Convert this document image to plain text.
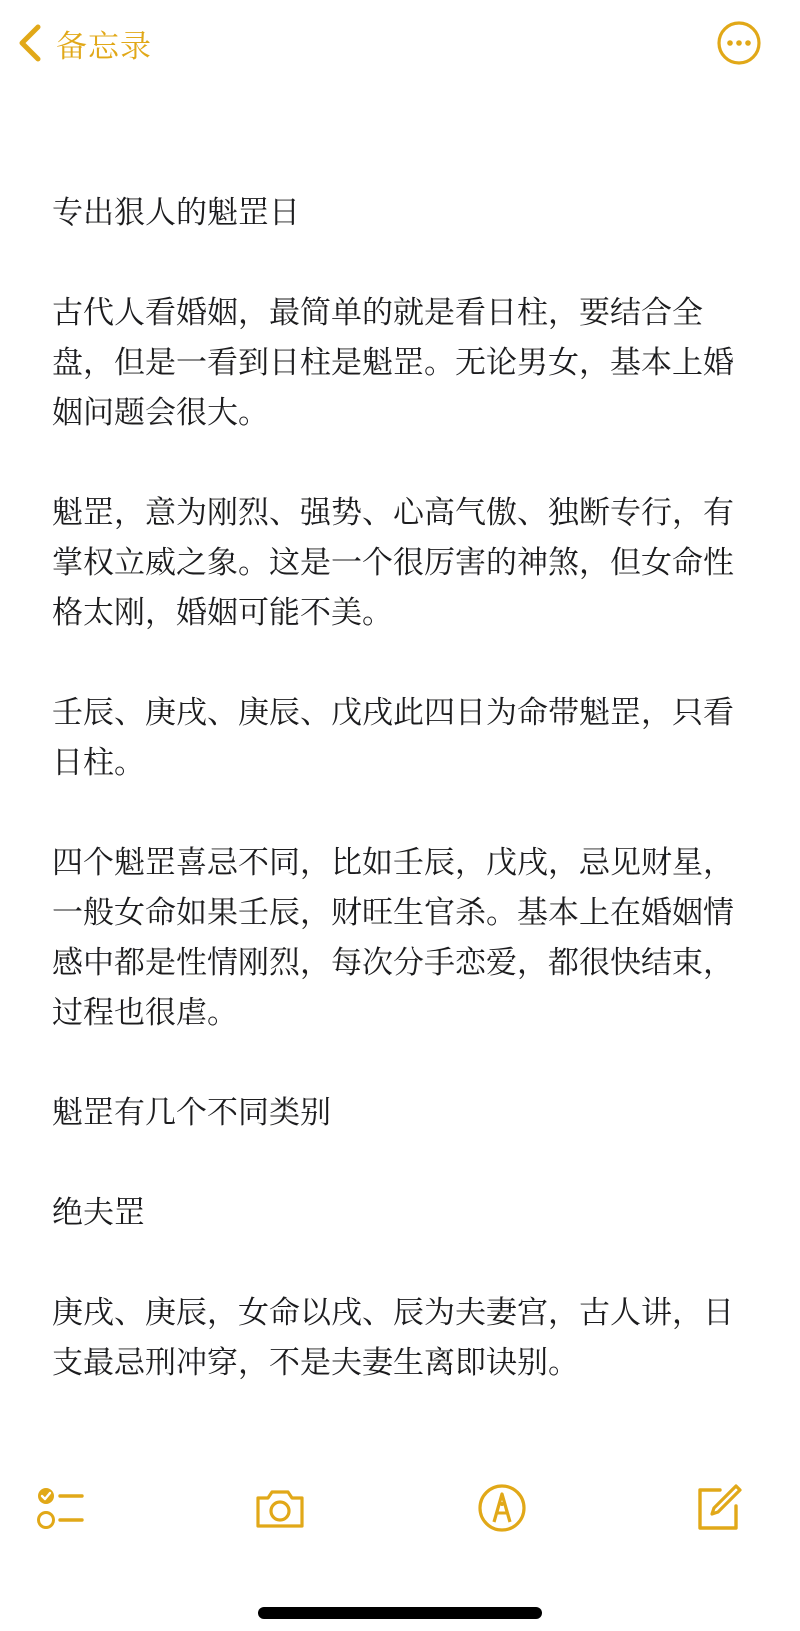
备忘录

专出狠人的魁罡日

古代人看婚姻，最简单的就是看日柱，要结合全盘，但是一看到日柱是魁罡。无论男女，基本上婚姻问题会很大。

魁罡，意为刚烈、强势、心高气傲、独断专行，有掌权立威之象。这是一个很厉害的神煞，但女命性格太刚，婚姻可能不美。

壬辰、庚戌、庚辰、戊戌此四日为命带魁罡，只看日柱。

四个魁罡喜忌不同，比如壬辰，戊戌，忌见财星，一般女命如果壬辰，财旺生官杀。基本上在婚姻情感中都是性情刚烈，每次分手恋爱，都很快结束，过程也很虐。

魁罡有几个不同类别

绝夫罡

庚戌、庚辰，女命以戌、辰为夫妻宫，古人讲，日支最忌刑冲穿，不是夫妻生离即诀别。
